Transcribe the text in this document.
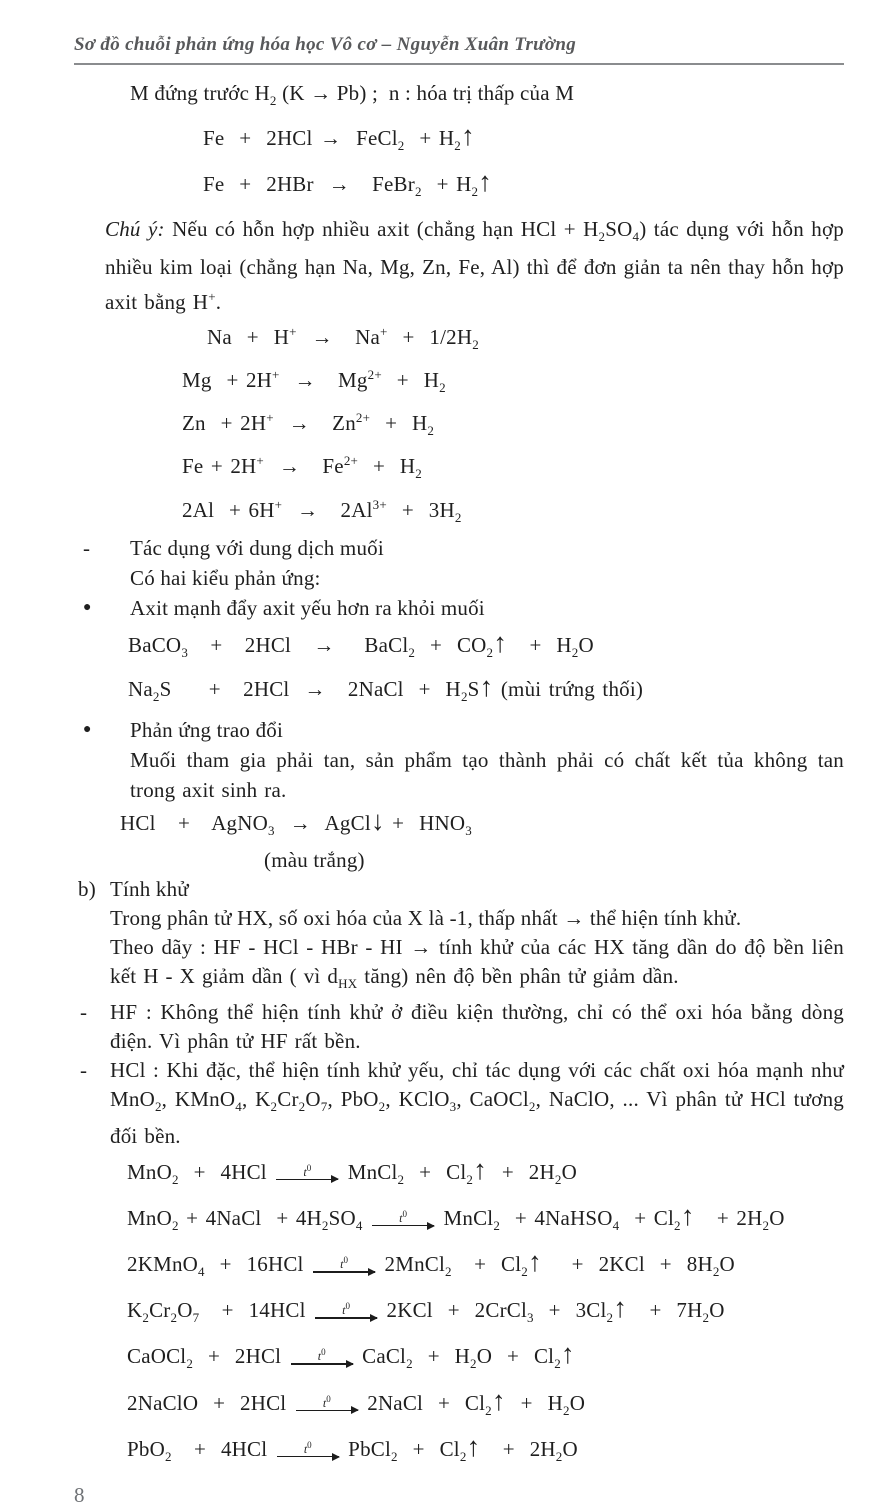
Sơ đồ chuỗi phản ứng hóa học Vô cơ – Nguyễn Xuân Trường

M đứng trước $H_2$ (K → Pb) ;  n : hóa trị thấp của M

Fe  +  2HCl →  FeCl$_2$  + $H_2↑$

Fe  +  2HBr  →   FeBr$_2$  + $H_2↑$

Chú ý: Nếu có hỗn hợp nhiều axit (chẳng hạn HCl + $H_2SO_4$) tác dụng với hỗn hợp nhiều kim loại (chẳng hạn Na, Mg, Zn, Fe, Al) thì để đơn giản ta nên thay hỗn hợp axit bằng H+.

$Na + H^+ \to Na^+ + 1/2H_2$

$Mg + 2H^+ \to Mg^{2+} + H_2$

$Zn + 2H^+ \to Zn^{2+} + H_2$

$Fe + 2H^+ \to Fe^{2+} + H_2$

$2Al + 6H^+ \to 2Al^{3+} + 3H_2$

-	Tác dụng với dung dịch muối

Có hai kiểu phản ứng:

●	Axit mạnh đẩy axit yếu hơn ra khỏi muối

BaCO$_3$   +   2HCl   →    BaCl$_2$  +  $CO_2↑ + H_2O$

$Na_2S$     +   2HCl  →   2NaCl  +  $H_2S↑$ (mùi trứng thối)

●	Phản ứng trao đổi

Muối tham gia phải tan, sản phẩm tạo thành phải có chất kết tủa không tan trong axit sinh ra.

HCl   +   AgNO$_3$  →  AgCl↓ +  $HNO_3$

(màu trắng)

b) Tính khử

Trong phân tử HX, số oxi hóa của X là -1, thấp nhất → thể hiện tính khử.

Theo dãy : HF - HCl - HBr - HI → tính khử của các HX tăng dần do độ bền liên kết H - X giảm dần ( vì $d_{HX}$ tăng) nên độ bền phân tử giảm dần.

-	HF : Không thể hiện tính khử ở điều kiện thường, chỉ có thể oxi hóa bằng dòng điện. Vì phân tử HF rất bền.

-	HCl : Khi đặc, thể hiện tính khử yếu, chỉ tác dụng với các chất oxi hóa mạnh như MnO$_2$, KMnO$_4$, $K_2Cr_2O_7$, PbO$_2$, KClO$_3$, CaOCl$_2$, NaClO, ... Vì phân tử HCl tương đối bền.

MnO$_2$  +  4HCl $t^0$ MnCl$_2$  +  $Cl_2↑ + 2H_2O$

MnO$_2$ + 4NaCl  + $4H_2SO_4$
$t^0$ MnCl$_2$  + 4NaHSO$_4$  + $Cl_2↑ + 2H_2O$

2KMnO$_4$  +  16HCl $t^0$ 2MnCl$_2$   +  $Cl_2↑$    +  $2KCl + 8H_2O$

$K_2Cr_2O_7 + 14HCl$ $t^0$ 2KCl  +  2CrCl$_3$  +  $3Cl_2↑ + 7H_2O$

CaOCl$_2$  +  2HCl $t^0$ CaCl$_2$  +  $H_2O$  +  $Cl_2↑$

2NaClO  +  2HCl $t^0$ 2NaCl  +  $Cl_2↑ + H_2O$

PbO$_2$   +  4HCl $t^0$ PbCl$_2$  +  $Cl_2↑ + 2H_2O$

8
